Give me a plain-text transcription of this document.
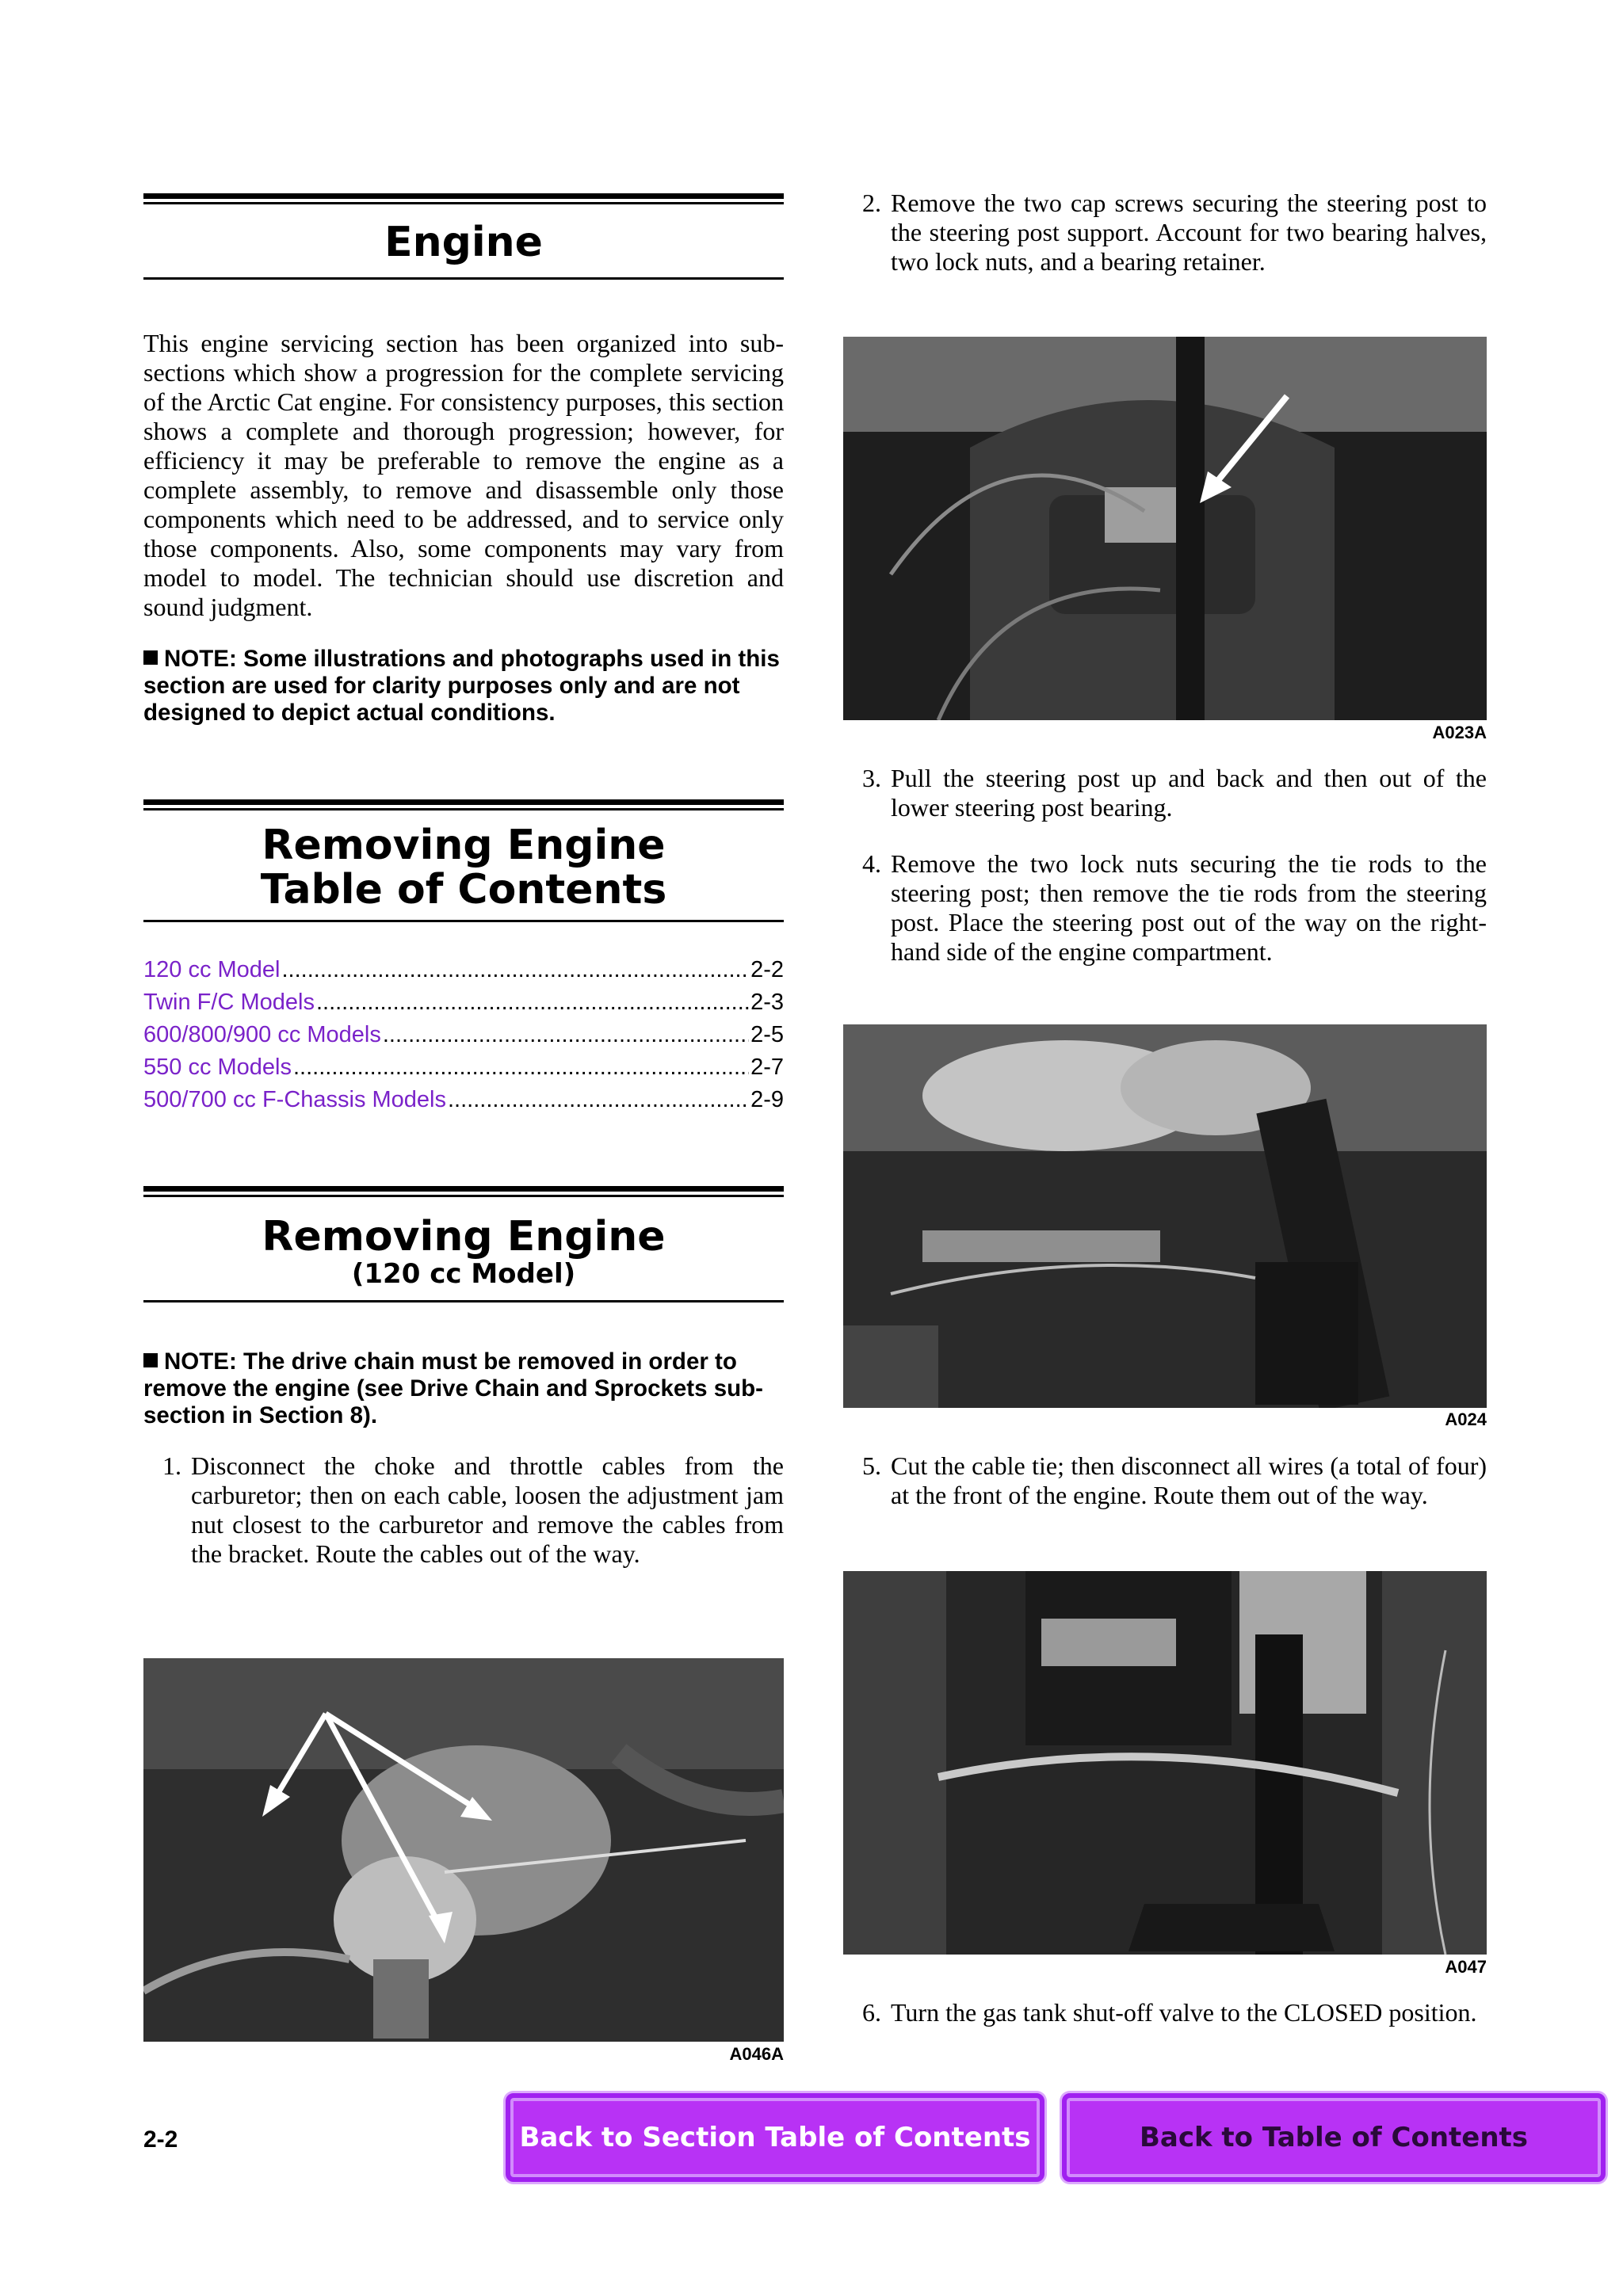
Engine

This engine servicing section has been organized into sub-sections which show a progression for the complete servicing of the Arctic Cat engine. For consistency purposes, this section shows a complete and thorough progression; however, for efficiency it may be preferable to remove the engine as a complete assembly, to remove and disassemble only those components which need to be addressed, and to service only those components. Also, some components may vary from model to model. The technician should use discretion and sound judgment.

NOTE: Some illustrations and photographs used in this section are used for clarity purposes only and are not designed to depict actual conditions.

Removing Engine
Table of Contents
120 cc Model .....	2-2
Twin F/C Models .....	2-3
600/800/900 cc Models .....	2-5
550 cc Models .....	2-7
500/700 cc F-Chassis Models .....	2-9
Removing Engine
(120 cc Model)

NOTE: The drive chain must be removed in order to remove the engine (see Drive Chain and Sprockets sub-section in Section 8).

1. Disconnect the choke and throttle cables from the carburetor; then on each cable, loosen the adjustment jam nut closest to the carburetor and remove the cables from the bracket. Route the cables out of the way.
A046A
2. Remove the two cap screws securing the steering post to the steering post support. Account for two bearing halves, two lock nuts, and a bearing retainer.
A023A
3. Pull the steering post up and back and then out of the lower steering post bearing.
4. Remove the two lock nuts securing the tie rods to the steering post; then remove the tie rods from the steering post. Place the steering post out of the way on the right-hand side of the engine compartment.
A024
5. Cut the cable tie; then disconnect all wires (a total of four) at the front of the engine. Route them out of the way.
A047
6. Turn the gas tank shut-off valve to the CLOSED position.
2-2	Back to Section Table of Contents	Back to Table of Contents
